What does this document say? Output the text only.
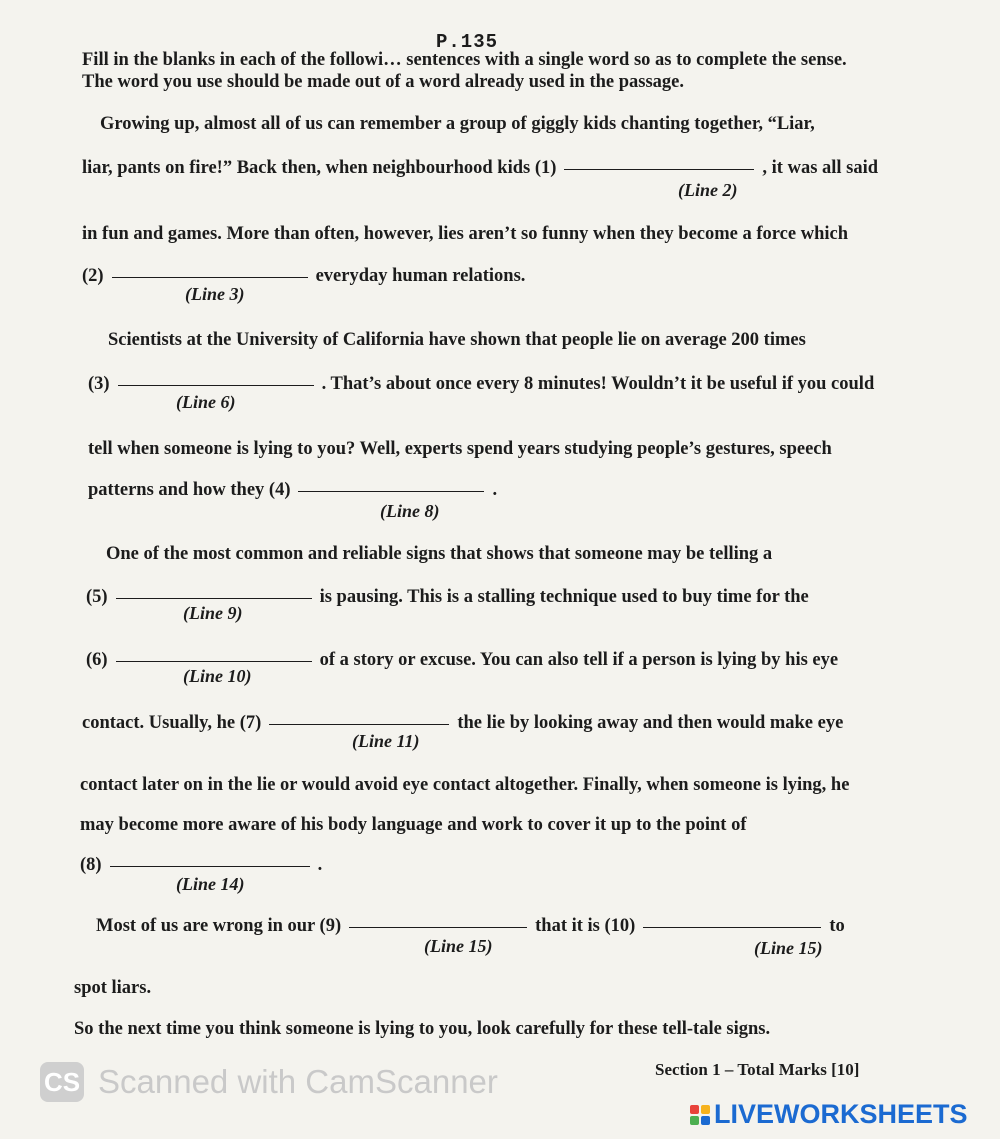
P.135
Fill in the blanks in each of the followi… sentences with a single word so as to complete the sense.
The word you use should be made out of a word already used in the passage.
Growing up, almost all of us can remember a group of giggly kids chanting together, “Liar,
liar, pants on fire!” Back then, when neighbourhood kids (1)	, it was all said
(Line 2)
in fun and games. More than often, however, lies aren’t so funny when they become a force which
(2)	everyday human relations.
(Line 3)
Scientists at the University of California have shown that people lie on average 200 times
(3)	. That’s about once every 8 minutes! Wouldn’t it be useful if you could
(Line 6)
tell when someone is lying to you? Well, experts spend years studying people’s gestures, speech
patterns and how they (4)	.
(Line 8)
One of the most common and reliable signs that shows that someone may be telling a
(5)	is pausing. This is a stalling technique used to buy time for the
(Line 9)
(6)	of a story or excuse. You can also tell if a person is lying by his eye
(Line 10)
contact. Usually, he (7)	the lie by looking away and then would make eye
(Line 11)
contact later on in the lie or would avoid eye contact altogether. Finally, when someone is lying, he
may become more aware of his body language and work to cover it up to the point of
(8)	.
(Line 14)
Most of us are wrong in our (9)	that it is (10)	to
(Line 15)	(Line 15)
spot liars.
So the next time you think someone is lying to you, look carefully for these tell-tale signs.
Section 1 – Total Marks [10]
CS Scanned with CamScanner
LIVEWORKSHEETS
